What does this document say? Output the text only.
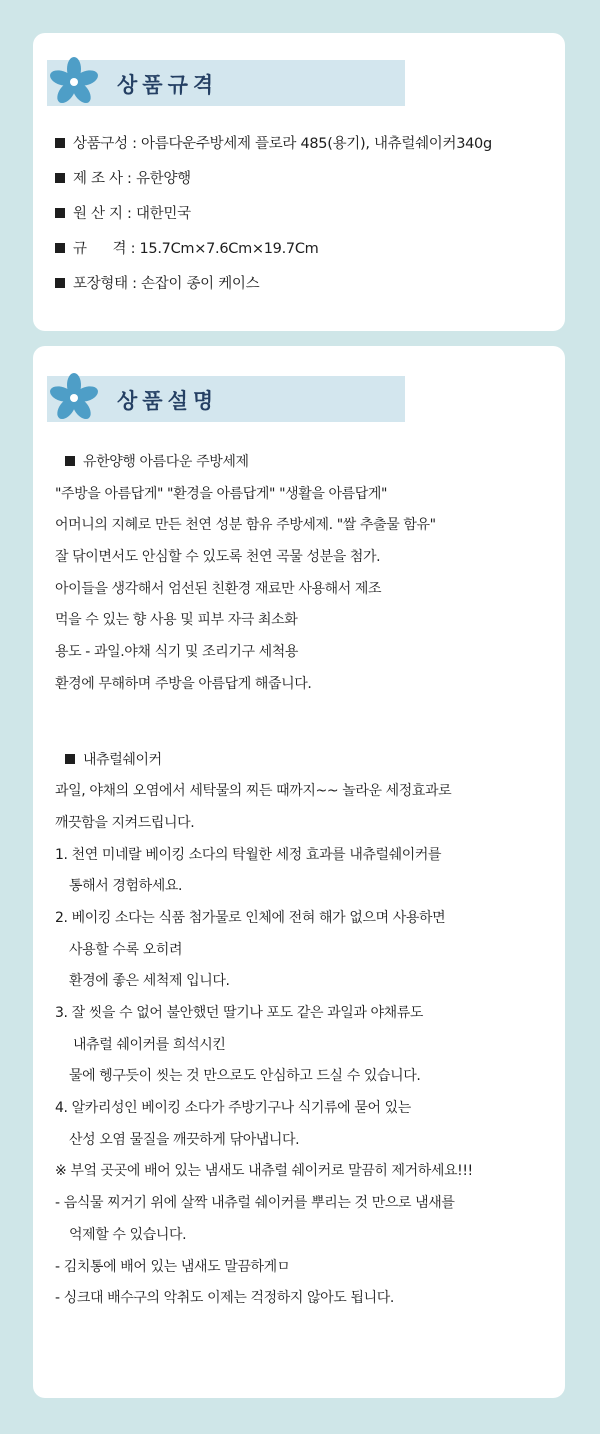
상품규격
상품구성 : 아름다운주방세제 플로라 485(용기), 내츄럴쉐이커340g
제 조 사 : 유한양행
원 산 지 : 대한민국
규      격 : 15.7Cm×7.6Cm×19.7Cm
포장형태 : 손잡이 종이 케이스
상품설명
유한양행 아름다운 주방세제
"주방을 아름답게" "환경을 아름답게" "생활을 아름답게"
어머니의 지혜로 만든 천연 성분 함유 주방세제. "쌀 추출물 함유"
잘 닦이면서도 안심할 수 있도록 천연 곡물 성분을 첨가.
아이들을 생각해서 엄선된 친환경 재료만 사용해서 제조
먹을 수 있는 향 사용 및 피부 자극 최소화
용도 - 과일.야채 식기 및 조리기구 세척용
환경에 무해하며 주방을 아름답게 해줍니다.
내츄럴쉐이커
과일, 야채의 오염에서 세탁물의 찌든 때까지~~ 놀라운 세정효과로
깨끗함을 지켜드립니다.
1. 천연 미네랄 베이킹 소다의 탁월한 세정 효과를 내츄럴쉐이커를
통해서 경험하세요.
2. 베이킹 소다는 식품 첨가물로 인체에 전혀 해가 없으며 사용하면
사용할 수록 오히려
환경에 좋은 세척제 입니다.
3. 잘 씻을 수 없어 불안했던 딸기나 포도 같은 과일과 야채류도
내츄럴 쉐이커를 희석시킨
물에 헹구듯이 씻는 것 만으로도 안심하고 드실 수 있습니다.
4. 알카리성인 베이킹 소다가 주방기구나 식기류에 묻어 있는
산성 오염 물질을 깨끗하게 닦아냅니다.
※ 부엌 곳곳에 배어 있는 냄새도 내츄럴 쉐이커로 말끔히 제거하세요!!!
- 음식물 찌거기 위에 살짝 내츄럴 쉐이커를 뿌리는 것 만으로 냄새를
억제할 수 있습니다.
- 김치통에 배어 있는 냄새도 말끔하게ㅁ
- 싱크대 배수구의 악취도 이제는 걱정하지 않아도 됩니다.
